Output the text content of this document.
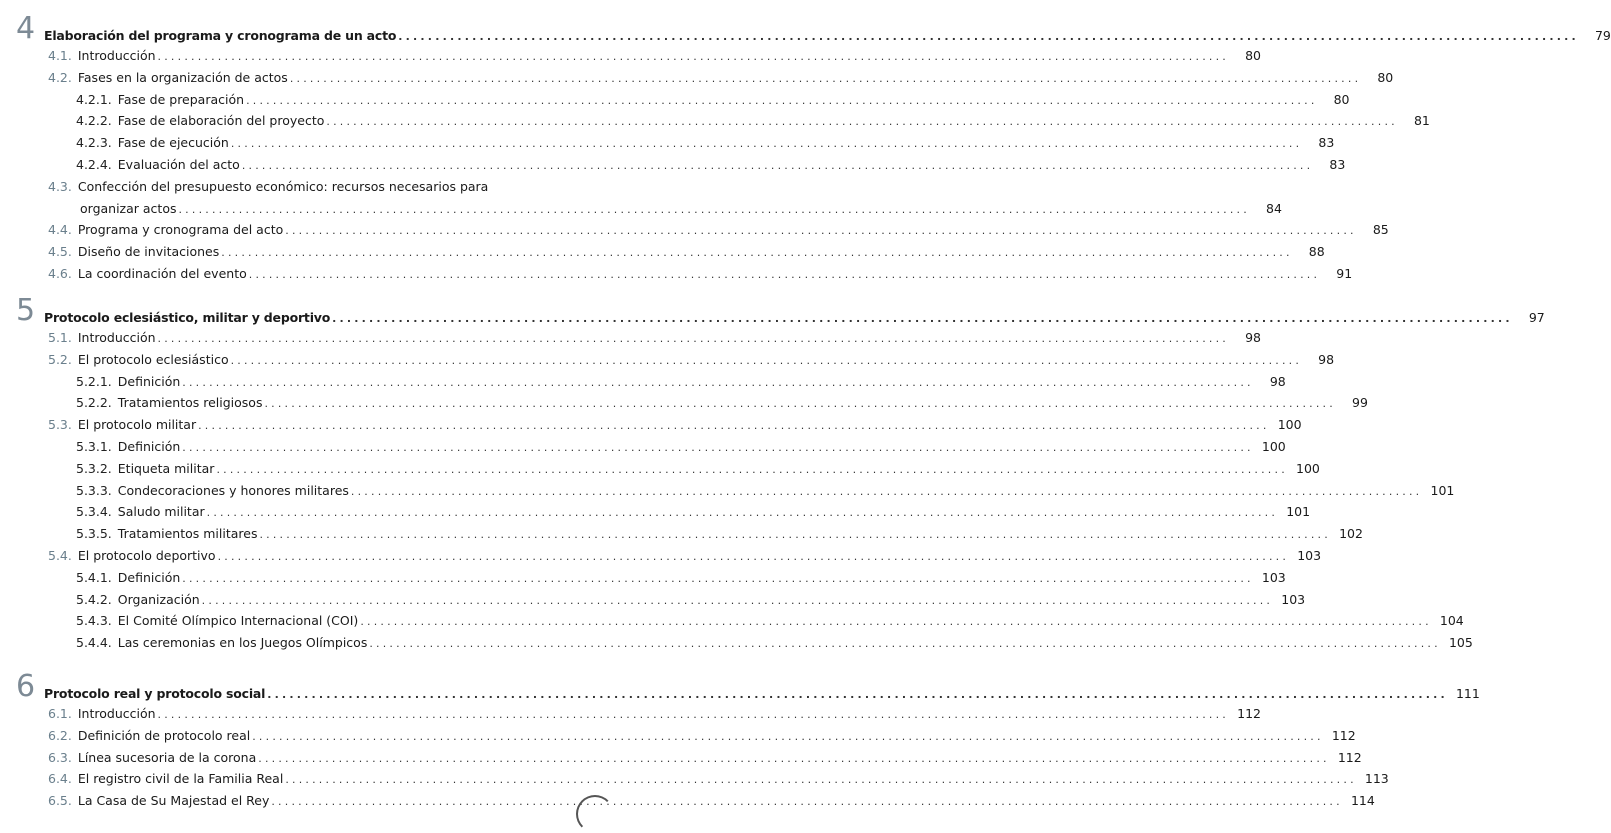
4 Elaboración del programa y cronograma de un acto ................................................................................................................................................................	79
4.1. Introducción ................................................................................................................................................................	80
4.2. Fases en la organización de actos ................................................................................................................................................................	80
4.2.1. Fase de preparación ................................................................................................................................................................	80
4.2.2. Fase de elaboración del proyecto ................................................................................................................................................................	81
4.2.3. Fase de ejecución ................................................................................................................................................................	83
4.2.4. Evaluación del acto ................................................................................................................................................................	83
4.3. Confección del presupuesto económico: recursos necesarios para
organizar actos ................................................................................................................................................................	84
4.4. Programa y cronograma del acto ................................................................................................................................................................	85
4.5. Diseño de invitaciones ................................................................................................................................................................	88
4.6. La coordinación del evento ................................................................................................................................................................	91
5 Protocolo eclesiástico, militar y deportivo ................................................................................................................................................................	97
5.1. Introducción ................................................................................................................................................................	98
5.2. El protocolo eclesiástico ................................................................................................................................................................	98
5.2.1. Definición ................................................................................................................................................................	98
5.2.2. Tratamientos religiosos ................................................................................................................................................................	99
5.3. El protocolo militar ................................................................................................................................................................ 100
5.3.1. Definición ................................................................................................................................................................ 100
5.3.2. Etiqueta militar ................................................................................................................................................................ 100
5.3.3. Condecoraciones y honores militares ................................................................................................................................................................ 101
5.3.4. Saludo militar ................................................................................................................................................................ 101
5.3.5. Tratamientos militares ................................................................................................................................................................ 102
5.4. El protocolo deportivo ................................................................................................................................................................ 103
5.4.1. Definición ................................................................................................................................................................ 103
5.4.2. Organización ................................................................................................................................................................ 103
5.4.3. El Comité Olímpico Internacional (COI) ................................................................................................................................................................ 104
5.4.4. Las ceremonias en los Juegos Olímpicos ................................................................................................................................................................ 105
6 Protocolo real y protocolo social ................................................................................................................................................................ 111
6.1. Introducción ................................................................................................................................................................ 112
6.2. Definición de protocolo real ................................................................................................................................................................ 112
6.3. Línea sucesoria de la corona ................................................................................................................................................................ 112
6.4. El registro civil de la Familia Real ................................................................................................................................................................ 113
6.5. La Casa de Su Majestad el Rey ................................................................................................................................................................ 114
